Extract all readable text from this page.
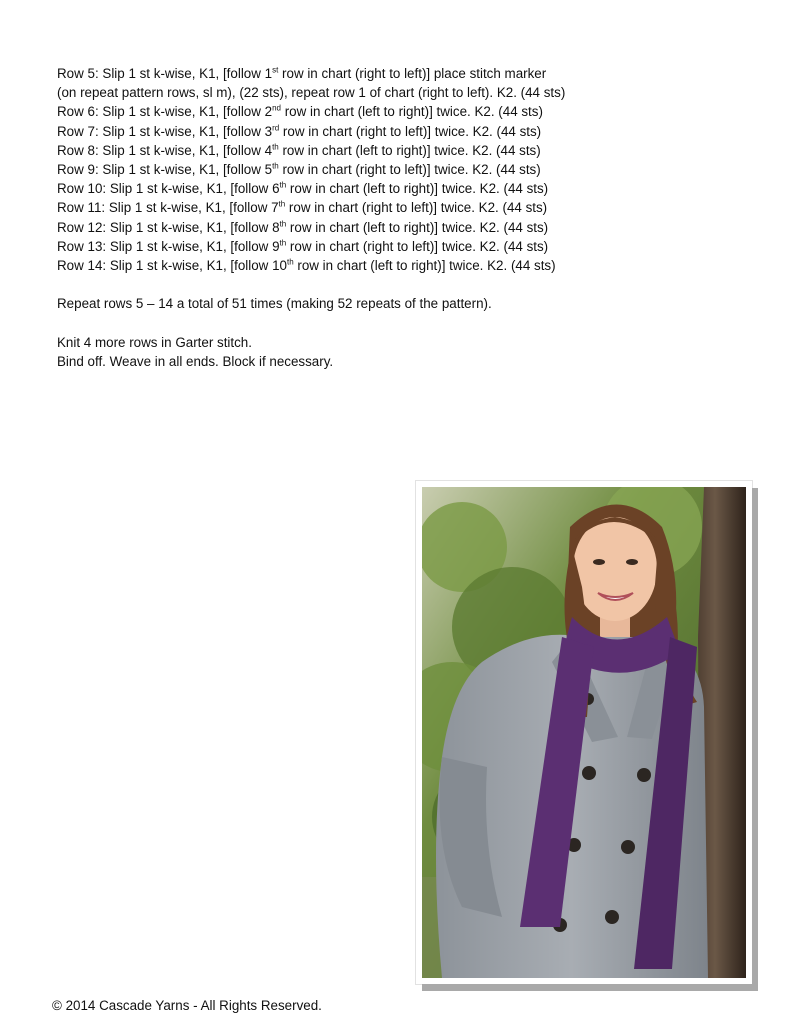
Row 5: Slip 1 st k-wise, K1, [follow 1st row in chart (right to left)] place stitch marker
(on repeat pattern rows, sl m), (22 sts), repeat row 1 of chart (right to left). K2. (44 sts)
Row 6: Slip 1 st k-wise, K1, [follow 2nd row in chart (left to right)] twice. K2. (44 sts)
Row 7: Slip 1 st k-wise, K1, [follow 3rd row in chart (right to left)] twice. K2. (44 sts)
Row 8: Slip 1 st k-wise, K1, [follow 4th row in chart (left to right)] twice. K2. (44 sts)
Row 9: Slip 1 st k-wise, K1, [follow 5th row in chart (right to left)] twice. K2. (44 sts)
Row 10: Slip 1 st k-wise, K1, [follow 6th row in chart (left to right)] twice. K2. (44 sts)
Row 11: Slip 1 st k-wise, K1, [follow 7th row in chart (right to left)] twice. K2. (44 sts)
Row 12: Slip 1 st k-wise, K1, [follow 8th row in chart (left to right)] twice. K2. (44 sts)
Row 13: Slip 1 st k-wise, K1, [follow 9th row in chart (right to left)] twice. K2. (44 sts)
Row 14: Slip 1 st k-wise, K1, [follow 10th row in chart (left to right)] twice. K2. (44 sts)
Repeat rows 5 – 14 a total of 51 times (making 52 repeats of the pattern).
Knit 4 more rows in Garter stitch.
Bind off. Weave in all ends. Block if necessary.
© 2014 Cascade Yarns - All Rights Reserved.
